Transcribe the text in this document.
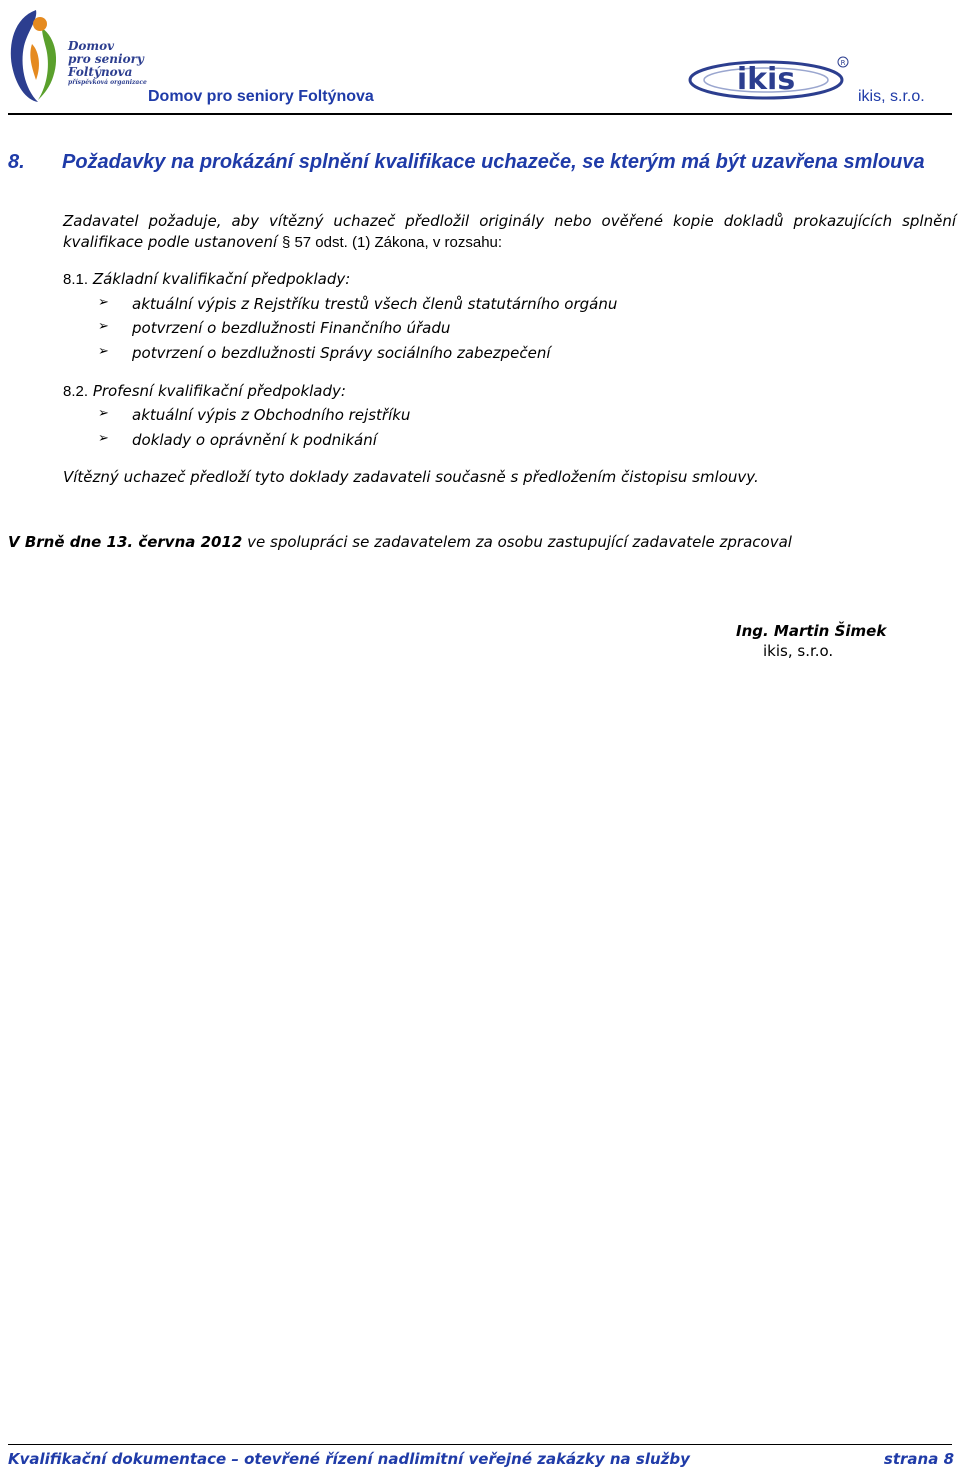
Domov
pro seniory
Foltýnova
příspěvková organizace
Domov pro seniory Foltýnova	ikis	R
ikis, s.r.o.
8. Požadavky na prokázání splnění kvalifikace uchazeče, se kterým má být uzavřena smlouva
Zadavatel požaduje, aby vítězný uchazeč předložil originály nebo ověřené kopie dokladů prokazujících splnění kvalifikace podle ustanovení § 57 odst. (1) Zákona, v rozsahu:
8.1. Základní kvalifikační předpoklady:
➢ aktuální výpis z Rejstříku trestů všech členů statutárního orgánu
➢ potvrzení o bezdlužnosti Finančního úřadu
➢ potvrzení o bezdlužnosti Správy sociálního zabezpečení
8.2. Profesní kvalifikační předpoklady:
➢ aktuální výpis z Obchodního rejstříku
➢ doklady o oprávnění k podnikání
Vítězný uchazeč předloží tyto doklady zadavateli současně s předložením čistopisu smlouvy.
V Brně dne 13. června 2012 ve spolupráci se zadavatelem za osobu zastupující zadavatele zpracoval
Ing. Martin Šimek
ikis, s.r.o.
Kvalifikační dokumentace – otevřené řízení nadlimitní veřejné zakázky na služby	strana 8
